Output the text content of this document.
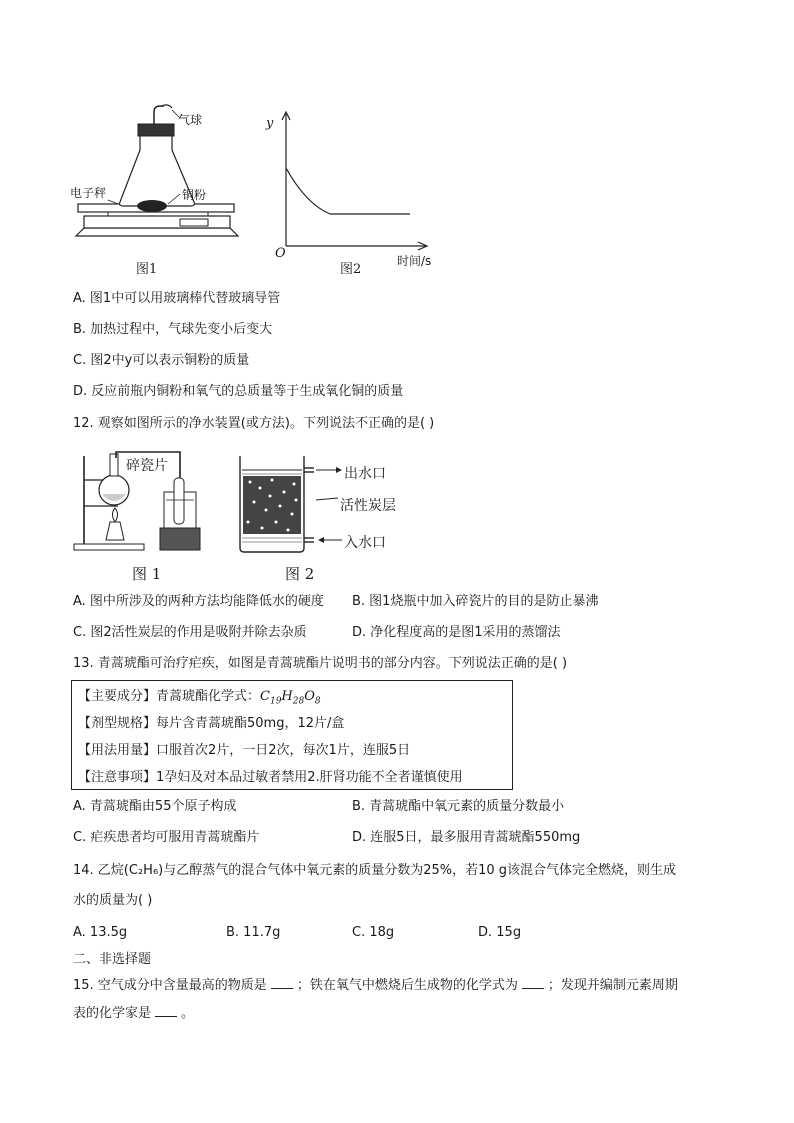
气球
电子秤	铜粉
图1
y
O	时间/s
图2
A. 图1中可以用玻璃棒代替玻璃导管
B. 加热过程中，气球先变小后变大
C. 图2中y可以表示铜粉的质量
D. 反应前瓶内铜粉和氧气的总质量等于生成氧化铜的质量
12. 观察如图所示的净水装置(或方法)。下列说法不正确的是( )
碎瓷片
图 1
出水口
活性炭层
入水口
图 2
A. 图中所涉及的两种方法均能降低水的硬度 B. 图1烧瓶中加入碎瓷片的目的是防止暴沸
C. 图2活性炭层的作用是吸附并除去杂质	D. 净化程度高的是图1采用的蒸馏法
13. 青蒿琥酯可治疗疟疾，如图是青蒿琥酯片说明书的部分内容。下列说法正确的是( )
【主要成分】青蒿琥酯化学式：$C_{19}H_{28}O_8$
【剂型规格】每片含青蒿琥酯50mg，12片/盒
【用法用量】口服首次2片，一日2次，每次1片，连服5日
【注意事项】1孕妇及对本品过敏者禁用2.肝肾功能不全者谨慎使用
A. 青蒿琥酯由55个原子构成	B. 青蒿琥酯中氧元素的质量分数最小
C. 疟疾患者均可服用青蒿琥酯片	D. 连服5日，最多服用青蒿琥酯550mg
14. 乙烷(C₂H₆)与乙醇蒸气的混合气体中氧元素的质量分数为25%，若10 g该混合气体完全燃烧，则生成
水的质量为( )
A. 13.5g	B. 11.7g	C. 18g	D. 15g
二、非选择题
15. 空气成分中含量最高的物质是 ；铁在氧气中燃烧后生成物的化学式为 ；发现并编制元素周期
表的化学家是 。
